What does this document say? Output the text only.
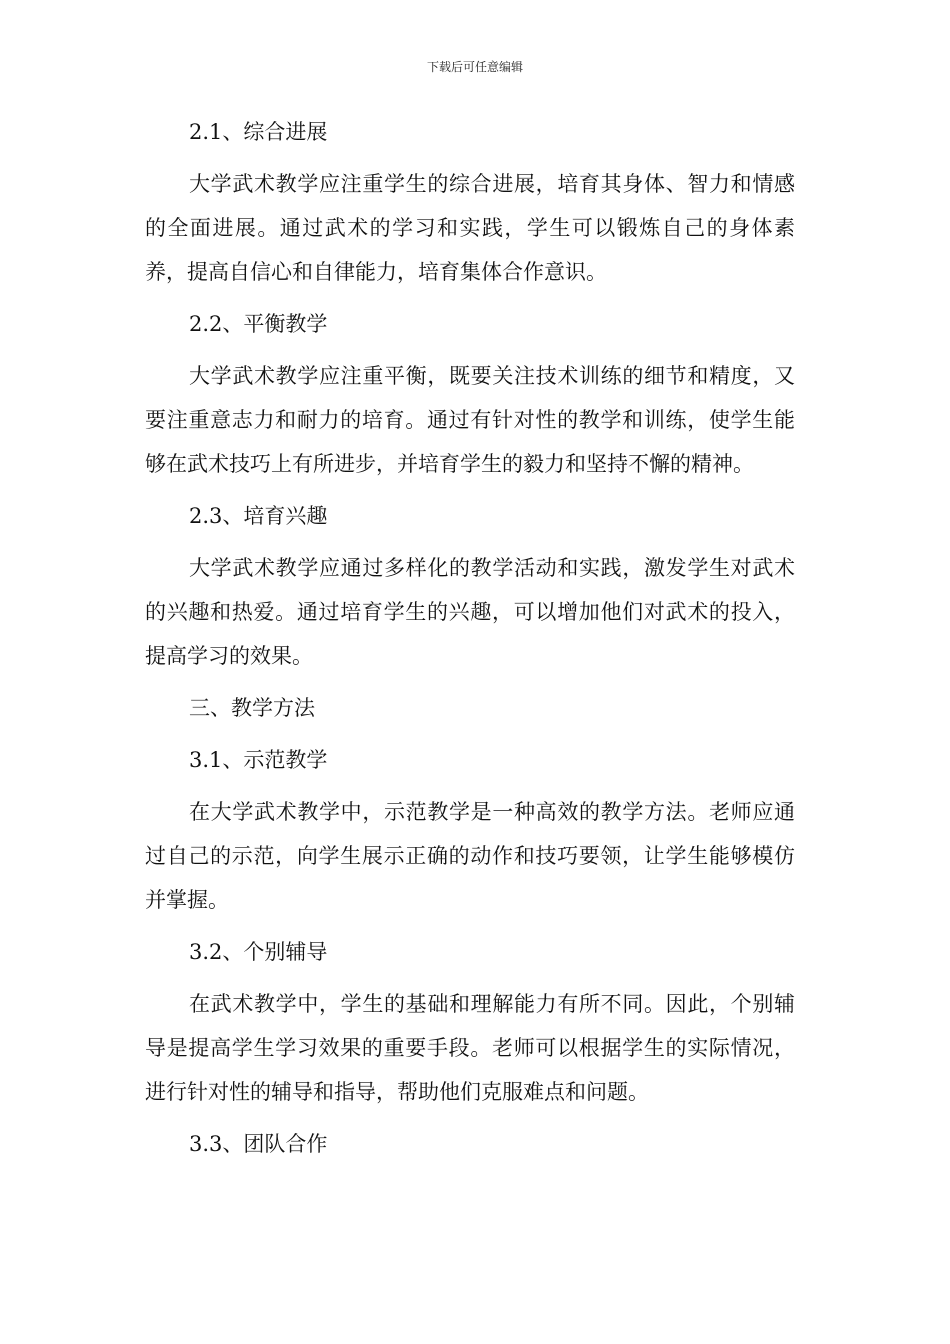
下载后可任意编辑

2.1、综合进展

大学武术教学应注重学生的综合进展，培育其身体、智力和情感的全面进展。通过武术的学习和实践，学生可以锻炼自己的身体素养，提高自信心和自律能力，培育集体合作意识。

2.2、平衡教学

大学武术教学应注重平衡，既要关注技术训练的细节和精度，又要注重意志力和耐力的培育。通过有针对性的教学和训练，使学生能够在武术技巧上有所进步，并培育学生的毅力和坚持不懈的精神。

2.3、培育兴趣

大学武术教学应通过多样化的教学活动和实践，激发学生对武术的兴趣和热爱。通过培育学生的兴趣，可以增加他们对武术的投入，提高学习的效果。

三、教学方法

3.1、示范教学

在大学武术教学中，示范教学是一种高效的教学方法。老师应通过自己的示范，向学生展示正确的动作和技巧要领，让学生能够模仿并掌握。

3.2、个别辅导

在武术教学中，学生的基础和理解能力有所不同。因此，个别辅导是提高学生学习效果的重要手段。老师可以根据学生的实际情况，进行针对性的辅导和指导，帮助他们克服难点和问题。

3.3、团队合作
